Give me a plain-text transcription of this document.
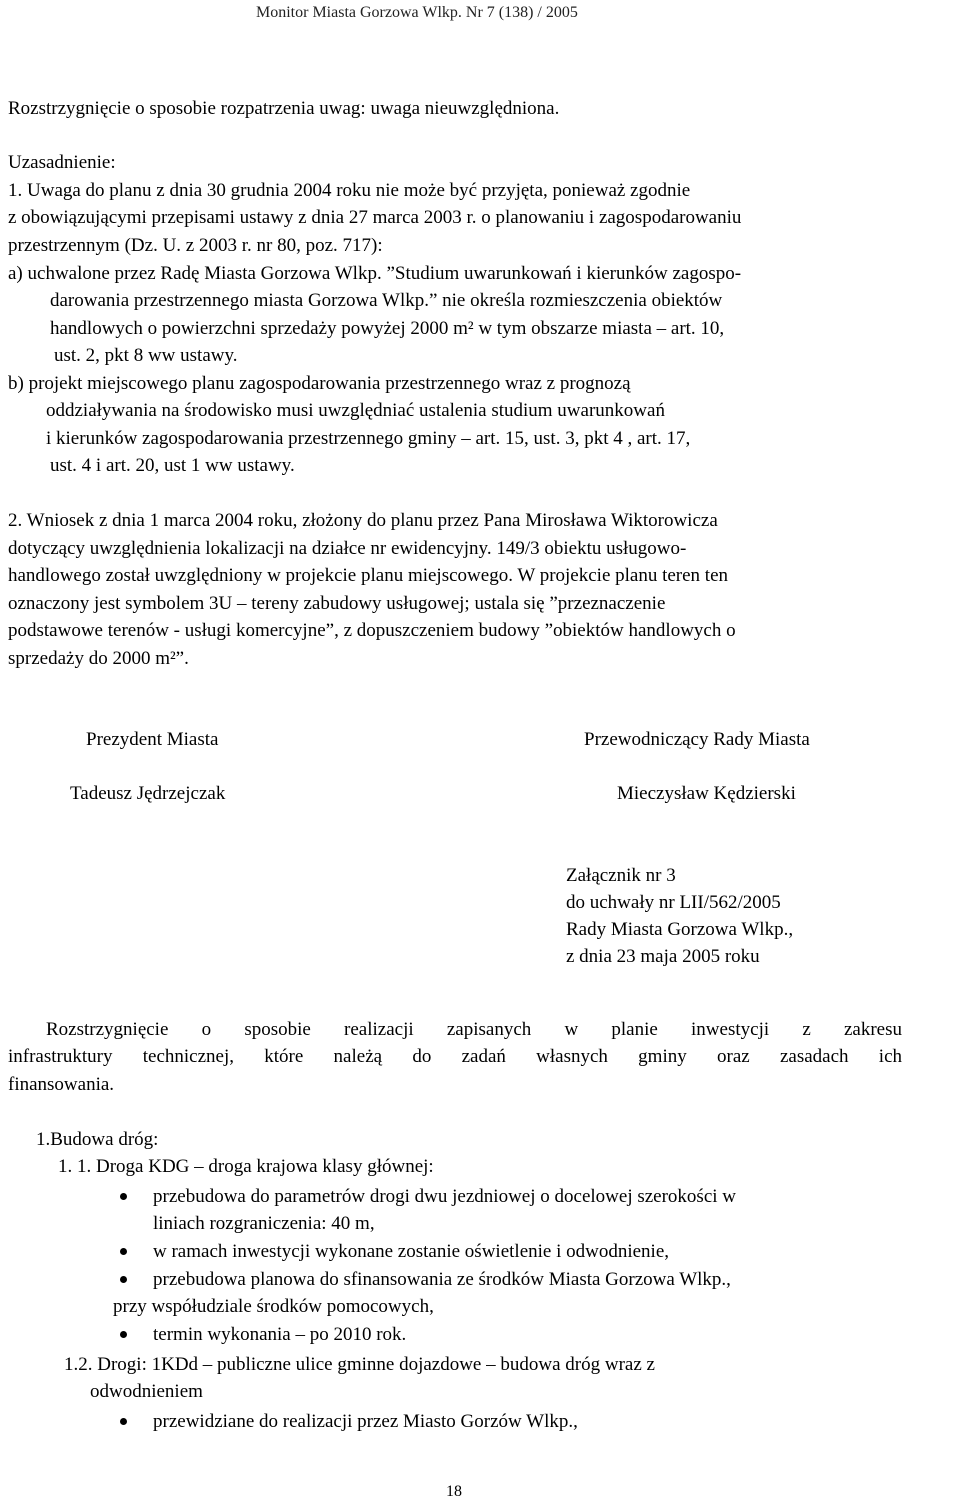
Monitor Miasta Gorzowa Wlkp. Nr 7 (138) / 2005
Rozstrzygnięcie o sposobie rozpatrzenia uwag: uwaga nieuwzględniona.
Uzasadnienie:
1. Uwaga do planu z dnia 30 grudnia 2004 roku nie może być przyjęta, ponieważ zgodnie
z obowiązującymi przepisami ustawy z dnia 27 marca 2003 r. o planowaniu i zagospodarowaniu
przestrzennym (Dz. U. z 2003 r. nr 80, poz. 717):
a) uchwalone przez Radę Miasta Gorzowa Wlkp. ”Studium uwarunkowań i kierunków zagospo-
darowania przestrzennego miasta Gorzowa Wlkp.” nie określa rozmieszczenia obiektów
handlowych o powierzchni sprzedaży powyżej 2000 m² w tym obszarze miasta – art. 10,
ust. 2, pkt 8 ww ustawy.
b) projekt miejscowego planu zagospodarowania przestrzennego wraz z prognozą
oddziaływania na środowisko musi uwzględniać ustalenia studium uwarunkowań
i kierunków zagospodarowania przestrzennego gminy – art. 15, ust. 3, pkt 4 , art. 17,
ust. 4 i art. 20, ust 1 ww ustawy.
2. Wniosek z dnia 1 marca 2004 roku, złożony do planu przez Pana Mirosława Wiktorowicza
dotyczący uwzględnienia lokalizacji na działce nr ewidencyjny. 149/3 obiektu usługowo-
handlowego został uwzględniony w projekcie planu miejscowego. W projekcie planu teren ten
oznaczony jest symbolem 3U – tereny zabudowy usługowej; ustala się ”przeznaczenie
podstawowe terenów - usługi komercyjne”, z dopuszczeniem budowy ”obiektów handlowych o
sprzedaży do 2000 m²”.
Prezydent Miasta
Tadeusz Jędrzejczak
Przewodniczący Rady Miasta
Mieczysław Kędzierski
Załącznik nr 3
do uchwały nr LII/562/2005
Rady Miasta Gorzowa Wlkp.,
z dnia 23 maja 2005 roku
Rozstrzygnięcie o sposobie realizacji zapisanych w planie inwestycji z zakresu
infrastruktury technicznej, które należą do zadań własnych gminy oraz zasadach ich
finansowania.
1.Budowa dróg:
1. 1. Droga KDG – droga krajowa klasy głównej:
przebudowa do parametrów drogi dwu jezdniowej o docelowej szerokości w
liniach rozgraniczenia: 40 m,
w ramach inwestycji wykonane zostanie oświetlenie i odwodnienie,
przebudowa planowa do sfinansowania ze środków Miasta Gorzowa Wlkp.,
przy współudziale środków pomocowych,
termin wykonania – po 2010 rok.
1.2. Drogi: 1KDd – publiczne ulice gminne dojazdowe – budowa dróg wraz z
odwodnieniem
przewidziane do realizacji przez Miasto Gorzów Wlkp.,
18
